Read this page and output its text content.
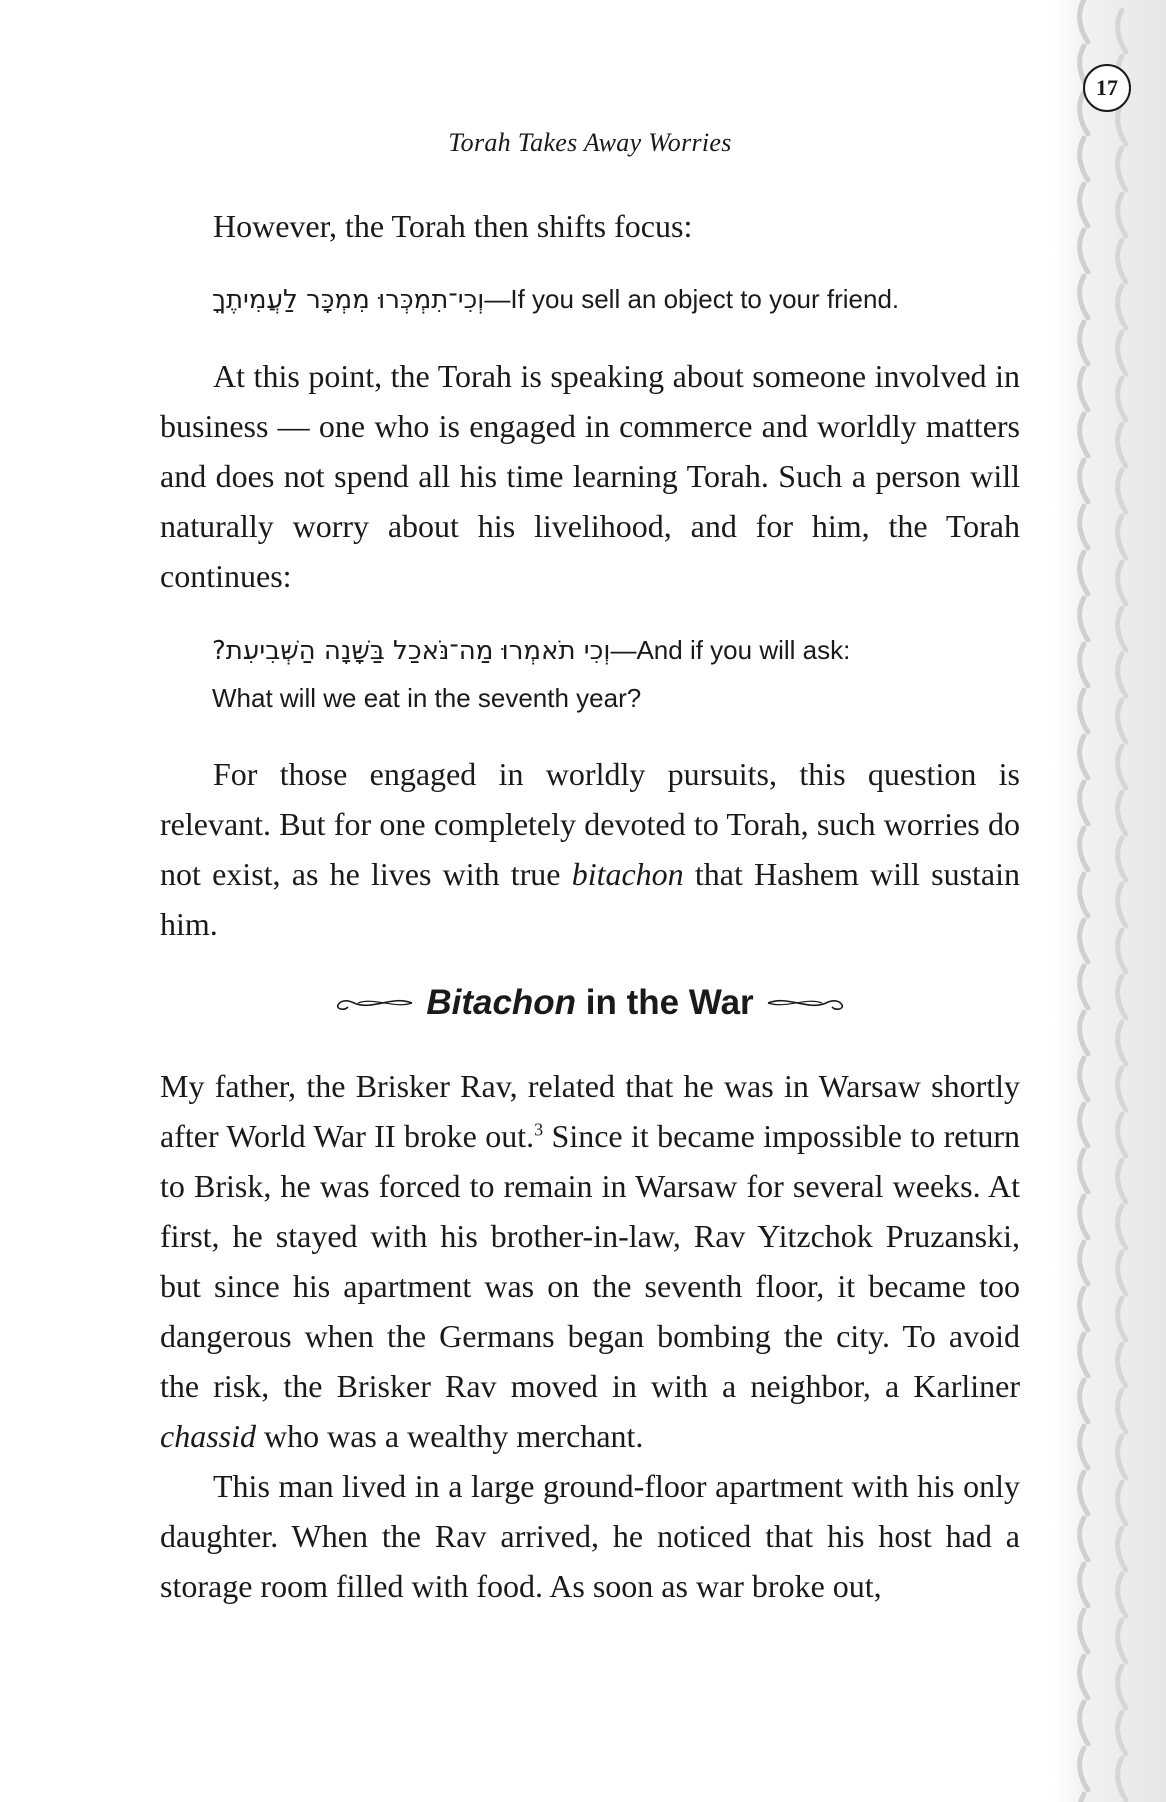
17
Torah Takes Away Worries

However, the Torah then shifts focus:

וְכִי־תִמְכְּרוּ מִמְכָּר לַעֲמִיתֶךָ—If you sell an object to your friend.

At this point, the Torah is speaking about someone involved in business — one who is engaged in commerce and worldly matters and does not spend all his time learning Torah. Such a person will naturally worry about his livelihood, and for him, the Torah continues:

וְכִי תֹאמְרוּ מַה־נֹּאכַל בַּשָּׁנָה הַשְּׁבִיעִת?—And if you will ask:
What will we eat in the seventh year?

For those engaged in worldly pursuits, this question is relevant. But for one completely devoted to Torah, such worries do not exist, as he lives with true bitachon that Hashem will sustain him.

Bitachon in the War

My father, the Brisker Rav, related that he was in Warsaw shortly after World War II broke out.$^3$ Since it became impossible to return to Brisk, he was forced to remain in Warsaw for several weeks. At first, he stayed with his brother-in-law, Rav Yitzchok Pruzanski, but since his apartment was on the seventh floor, it became too dangerous when the Germans began bombing the city. To avoid the risk, the Brisker Rav moved in with a neighbor, a Karliner chassid who was a wealthy merchant.

This man lived in a large ground-floor apartment with his only daughter. When the Rav arrived, he noticed that his host had a storage room filled with food. As soon as war broke out,
